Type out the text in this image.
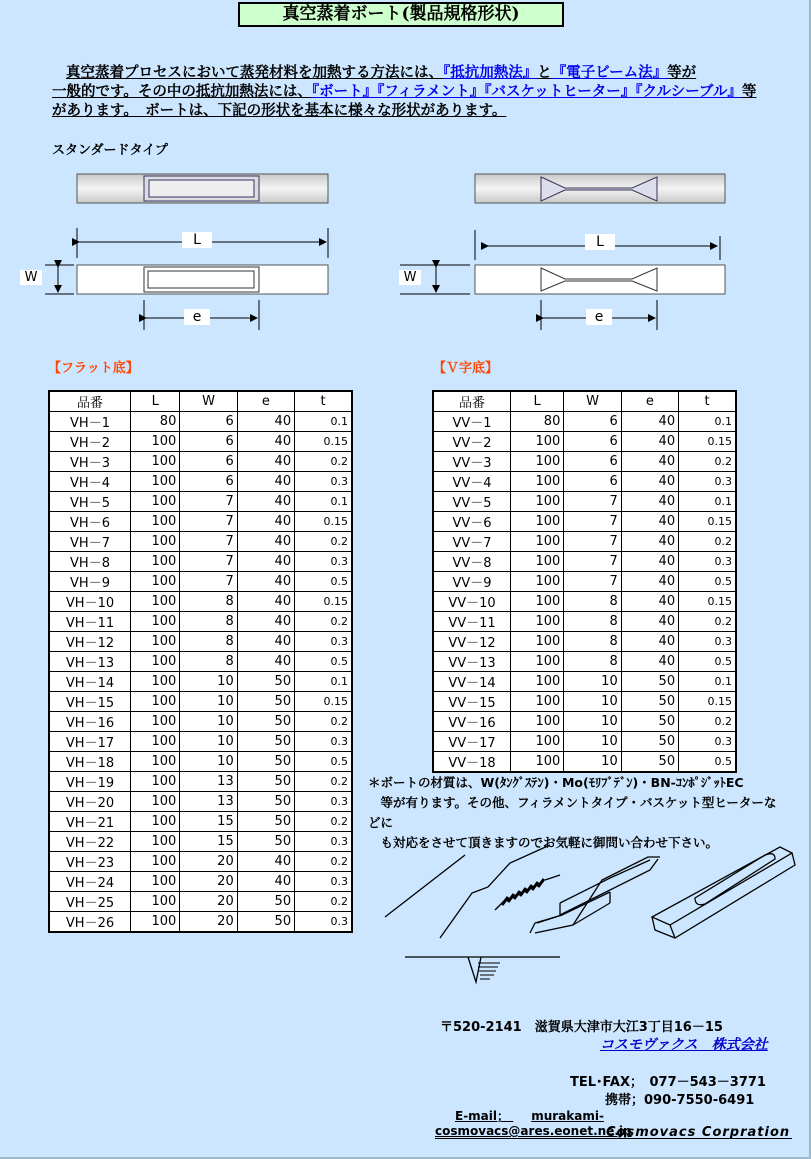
真空蒸着ボート(製品規格形状)
真空蒸着プロセスにおいて蒸発材料を加熱する方法には、『抵抗加熱法』と『電子ビーム法』等が
一般的です。その中の抵抗加熱法には、『ボート』『フィラメント』『バスケットヒーター』『クルシーブル』等
があります。　ボートは、下記の形状を基本に様々な形状があります。
スタンダードタイプ
L
W
e
L
W
e
【フラット底】	【Ｖ字底】
品番	L	W	e	t
VH－1	80	6	40	0.1
VH－2	100	6	40	0.15
VH－3	100	6	40	0.2
VH－4	100	6	40	0.3
VH－5	100	7	40	0.1
VH－6	100	7	40	0.15
VH－7	100	7	40	0.2
VH－8	100	7	40	0.3
VH－9	100	7	40	0.5
VH－10	100	8	40	0.15
VH－11	100	8	40	0.2
VH－12	100	8	40	0.3
VH－13	100	8	40	0.5
VH－14	100	10	50	0.1
VH－15	100	10	50	0.15
VH－16	100	10	50	0.2
VH－17	100	10	50	0.3
VH－18	100	10	50	0.5
VH－19	100	13	50	0.2
VH－20	100	13	50	0.3
VH－21	100	15	50	0.2
VH－22	100	15	50	0.3
VH－23	100	20	40	0.2
VH－24	100	20	40	0.3
VH－25	100	20	50	0.2
VH－26	100	20	50	0.3
品番	L	W	e	t
VV－1	80	6	40	0.1
VV－2	100	6	40	0.15
VV－3	100	6	40	0.2
VV－4	100	6	40	0.3
VV－5	100	7	40	0.1
VV－6	100	7	40	0.15
VV－7	100	7	40	0.2
VV－8	100	7	40	0.3
VV－9	100	7	40	0.5
VV－10	100	8	40	0.15
VV－11	100	8	40	0.2
VV－12	100	8	40	0.3
VV－13	100	8	40	0.5
VV－14	100	10	50	0.1
VV－15	100	10	50	0.15
VV－16	100	10	50	0.2
VV－17	100	10	50	0.3
VV－18	100	10	50	0.5
＊ボートの材質は、W(ﾀﾝｸﾞｽﾃﾝ)・Mo(ﾓﾘﾌﾞﾃﾞﾝ)・BN-ｺﾝﾎﾟｼﾞｯﾄEC
　等が有ります。その他、フィラメントタイプ・バスケット型ヒーターなどに
　も対応をさせて頂きますのでお気軽に御問い合わせ下さい。
〒520-2141　滋賀県大津市大江3丁目16－15
コスモヴァクス　株式会社
TEL･FAX；　077－543－3771
携帯；090-7550-6491
E-mail； murakami-cosmovacs@ares.eonet.ne.jp
Cosmovacs Corpration
